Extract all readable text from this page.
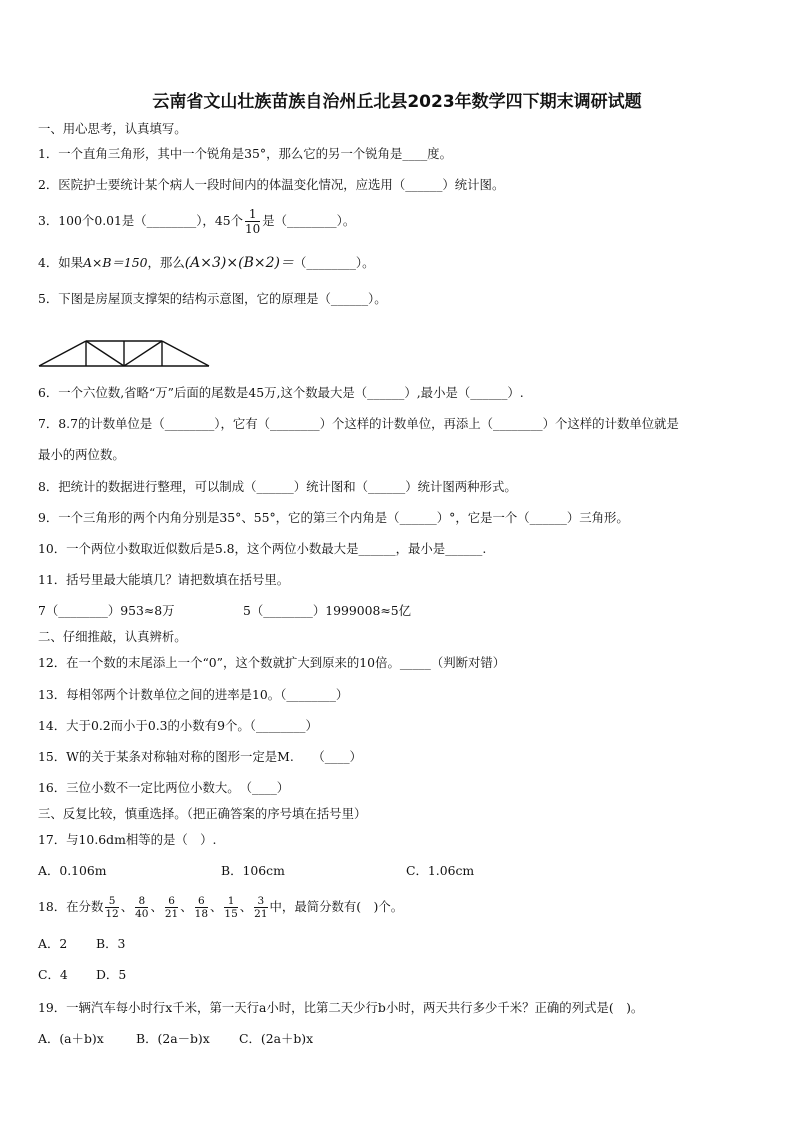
云南省文山壮族苗族自治州丘北县2023年数学四下期末调研试题
一、用心思考，认真填写。
1．一个直角三角形，其中一个锐角是35°，那么它的另一个锐角是____度。
2．医院护士要统计某个病人一段时间内的体温变化情况，应选用（______）统计图。
3．100个0.01是（________），45个 $\frac{1}{10}$ 是（________）。
4．如果A×B＝150，那么(A×3)×(B×2)＝（________）。
5．下图是房屋顶支撑架的结构示意图，它的原理是（______）。
6．一个六位数,省略“万”后面的尾数是45万,这个数最大是（______）,最小是（______）.
7．8.7的计数单位是（________），它有（________）个这样的计数单位，再添上（________）个这样的计数单位就是
最小的两位数。
8．把统计的数据进行整理，可以制成（______）统计图和（______）统计图两种形式。
9．一个三角形的两个内角分别是35°、55°，它的第三个内角是（______）°，它是一个（______）三角形。
10．一个两位小数取近似数后是5.8，这个两位小数最大是______，最小是______.
11．括号里最大能填几？请把数填在括号里。
7（________）953≈8万	5（________）1999008≈5亿
二、仔细推敲，认真辨析。
12．在一个数的末尾添上一个“0”，这个数就扩大到原来的10倍。_____（判断对错）
13．每相邻两个计数单位之间的进率是10。（________）
14．大于0.2而小于0.3的小数有9个。（________）
15．W的关于某条对称轴对称的图形一定是M.　　（____）
16．三位小数不一定比两位小数大。　（____）
三、反复比较，慎重选择。（把正确答案的序号填在括号里）
17．与10.6dm相等的是（　）.
A．0.106m	B．106cm	C．1.06cm
18．在分数 $\frac{5}{12}$ 、 $\frac{8}{40}$ 、 $\frac{6}{21}$ 、 $\frac{6}{18}$ 、 $\frac{1}{15}$ 、 $\frac{3}{21}$ 中，最简分数有(　)个。
A．2 B．3
C．4 D．5
19．一辆汽车每小时行x千米，第一天行a小时，比第二天少行b小时，两天共行多少千米？正确的列式是(　)。
A．(a＋b)x	B．(2a－b)x C．(2a＋b)x
